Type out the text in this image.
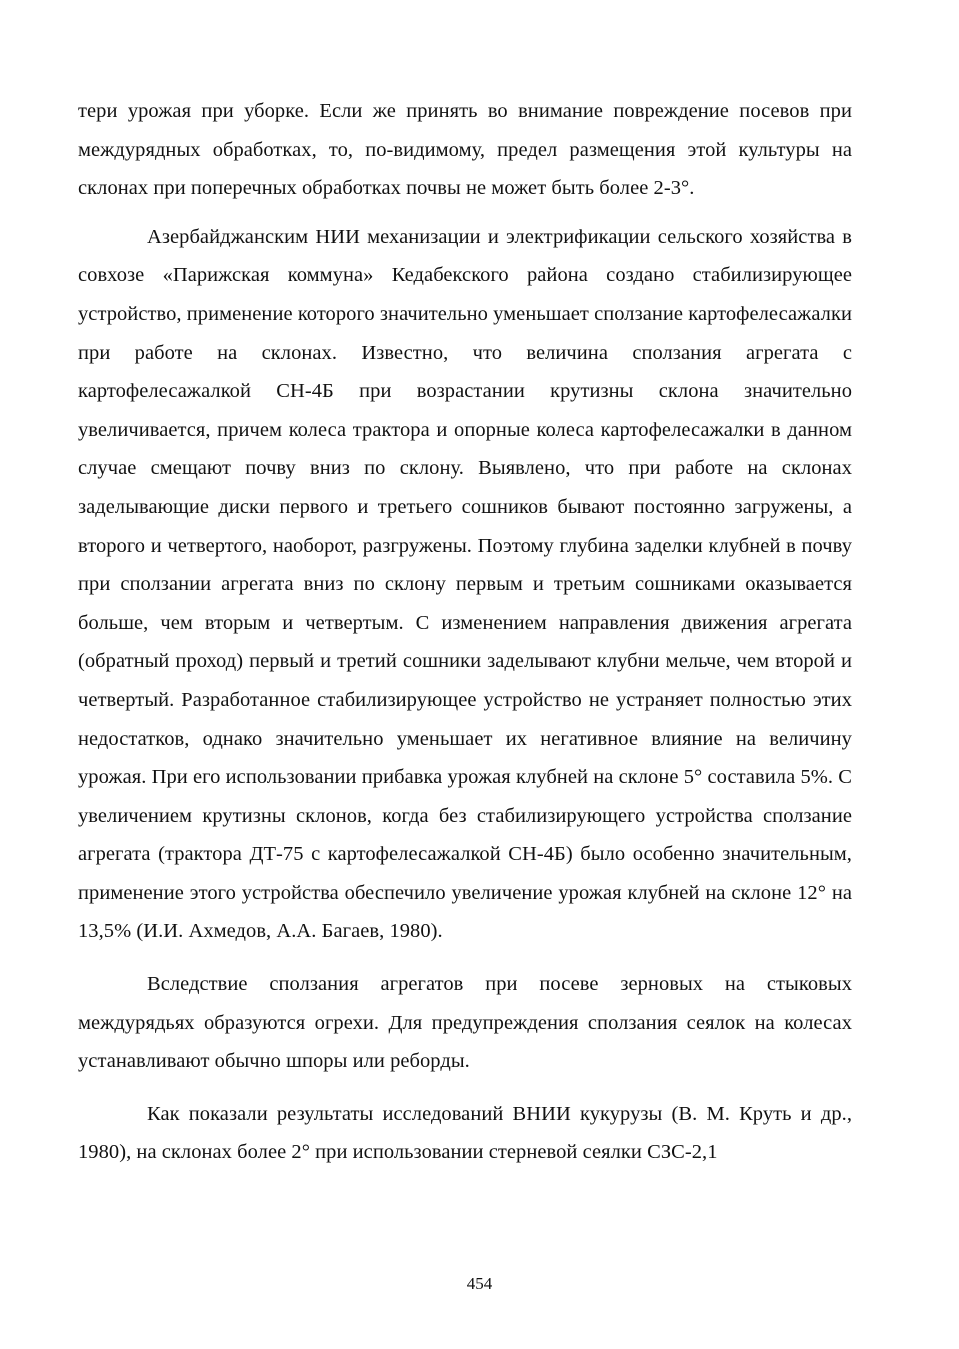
тери урожая при уборке. Если же принять во внимание повреждение посевов при междурядных обработках, то, по-видимому, предел размещения этой культуры на склонах при поперечных обработках почвы не может быть более 2-3°.

Азербайджанским НИИ механизации и электрификации сельского хозяйства в совхозе «Парижская коммуна» Кедабекского района создано стабилизирующее устройство, применение которого значительно уменьшает сползание картофелесажалки при работе на склонах. Известно, что величина сползания агрегата с картофелесажалкой СН-4Б при возрастании крутизны склона значительно увеличивается, причем колеса трактора и опорные колеса картофелесажалки в данном случае смещают почву вниз по склону. Выявлено, что при работе на склонах заделывающие диски первого и третьего сошников бывают постоянно загружены, а второго и четвертого, наоборот, разгружены. Поэтому глубина заделки клубней в почву при сползании агрегата вниз по склону первым и третьим сошниками оказывается больше, чем вторым и четвертым. С изменением направления движения агрегата (обратный проход) первый и третий сошники заделывают клубни мельче, чем второй и четвертый. Разработанное стабилизирующее устройство не устраняет полностью этих недостатков, однако значительно уменьшает их негативное влияние на величину урожая. При его использовании прибавка урожая клубней на склоне 5° составила 5%. С увеличением крутизны склонов, когда без стабилизирующего устройства сползание агрегата (трактора ДТ-75 с картофелесажалкой СН-4Б) было особенно значительным, применение этого устройства обеспечило увеличение урожая клубней на склоне 12° на 13,5% (И.И. Ахмедов, А.А. Багаев, 1980).

Вследствие сползания агрегатов при посеве зерновых на стыковых междурядьях образуются огрехи. Для предупреждения сползания сеялок на колесах устанавливают обычно шпоры или реборды.

Как показали результаты исследований ВНИИ кукурузы (В. М. Круть и др., 1980), на склонах более 2° при использовании стерневой сеялки СЗС-2,1

454
